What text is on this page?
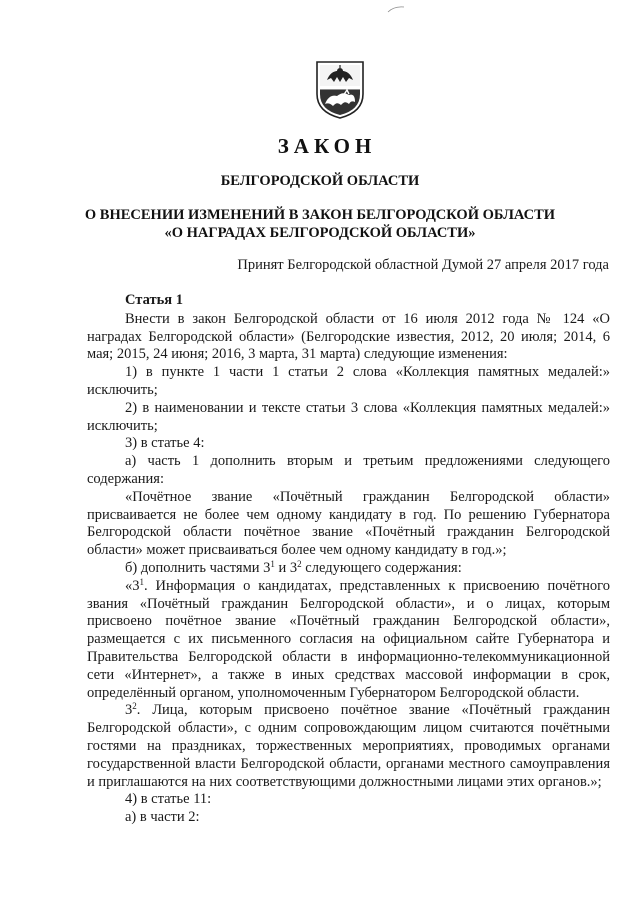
ЗАКОН
БЕЛГОРОДСКОЙ ОБЛАСТИ
О ВНЕСЕНИИ ИЗМЕНЕНИЙ В ЗАКОН БЕЛГОРОДСКОЙ ОБЛАСТИ
«О НАГРАДАХ БЕЛГОРОДСКОЙ ОБЛАСТИ»
Принят Белгородской областной Думой 27 апреля 2017 года

Статья 1

Внести в закон Белгородской области от 16 июля 2012 года № 124 «О наградах Белгородской области» (Белгородские известия, 2012, 20 июля; 2014, 6 мая; 2015, 24 июня; 2016, 3 марта, 31 марта) следующие изменения:

1) в пункте 1 части 1 статьи 2 слова «Коллекция памятных медалей:» исключить;

2) в наименовании и тексте статьи 3 слова «Коллекция памятных медалей:» исключить;

3) в статье 4:

а) часть 1 дополнить вторым и третьим предложениями следующего содержания:

«Почётное звание «Почётный гражданин Белгородской области» присваивается не более чем одному кандидату в год. По решению Губернатора Белгородской области почётное звание «Почётный гражданин Белгородской области» может присваиваться более чем одному кандидату в год.»;

б) дополнить частями $3^1$ и $3^2$ следующего содержания:

«$3^1$. Информация о кандидатах, представленных к присвоению почётного звания «Почётный гражданин Белгородской области», и о лицах, которым присвоено почётное звание «Почётный гражданин Белгородской области», размещается с их письменного согласия на официальном сайте Губернатора и Правительства Белгородской области в информационно-телекоммуникационной сети «Интернет», а также в иных средствах массовой информации в срок, определённый органом, уполномоченным Губернатором Белгородской области.

$3^2$. Лица, которым присвоено почётное звание «Почётный гражданин Белгородской области», с одним сопровождающим лицом считаются почётными гостями на праздниках, торжественных мероприятиях, проводимых органами государственной власти Белгородской области, органами местного самоуправления и приглашаются на них соответствующими должностными лицами этих органов.»;

4) в статье 11:

а) в части 2:
